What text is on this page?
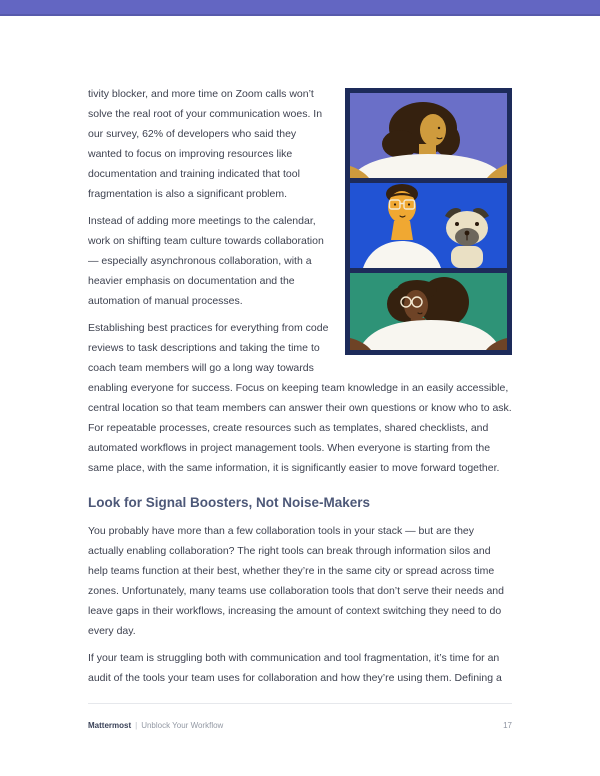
tivity blocker, and more time on Zoom calls won’t solve the real root of your communication woes. In our survey, 62% of developers who said they wanted to focus on improving resources like documentation and training indicated that tool fragmentation is also a significant problem.

Instead of adding more meetings to the calendar, work on shifting team culture towards collaboration — especially asynchronous collaboration, with a heavier emphasis on documentation and the automation of manual processes.

Establishing best practices for everything from code reviews to task descriptions and taking the time to coach team members will go a long way towards enabling everyone for success. Focus on keeping team knowledge in an easily accessible, central location so that team members can answer their own questions or know who to ask. For repeatable processes, create resources such as templates, shared checklists, and automated workflows in project management tools. When everyone is starting from the same place, with the same information, it is significantly easier to move forward together.

Look for Signal Boosters, Not Noise-Makers

You probably have more than a few collaboration tools in your stack — but are they actually enabling collaboration? The right tools can break through information silos and help teams function at their best, whether they’re in the same city or spread across time zones. Unfortunately, many teams use collaboration tools that don’t serve their needs and leave gaps in their workflows, increasing the amount of context switching they need to do every day.

If your team is struggling both with communication and tool fragmentation, it’s time for an audit of the tools your team uses for collaboration and how they’re using them. Defining a

Mattermost | Unblock Your Workflow	17
